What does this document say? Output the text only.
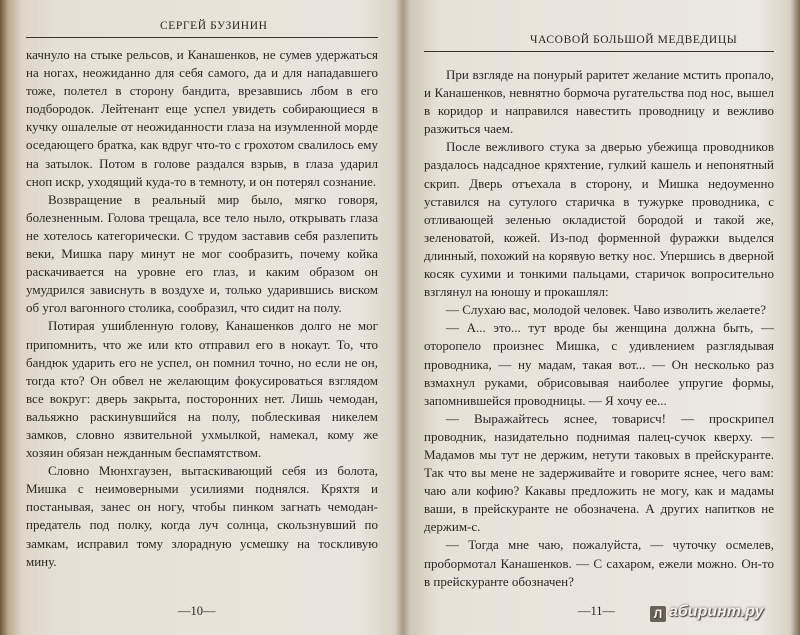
СЕРГЕЙ БУЗИНИН

качнуло на стыке рельсов, и Канашенков, не сумев удержаться на ногах, неожиданно для себя самого, да и для нападавшего тоже, полетел в сторону бандита, врезавшись лбом в его подбородок. Лейтенант еще успел увидеть собирающиеся в кучку ошалелые от неожиданности глаза на изумленной морде оседающего братка, как вдруг что-то с грохотом свалилось ему на затылок. Потом в голове раздался взрыв, в глаза ударил сноп искр, уходящий куда-то в темноту, и он потерял сознание.

Возвращение в реальный мир было, мягко говоря, болезненным. Голова трещала, все тело ныло, открывать глаза не хотелось категорически. С трудом заставив себя разлепить веки, Мишка пару минут не мог сообразить, почему койка раскачивается на уровне его глаз, и каким образом он умудрился зависнуть в воздухе и, только ударившись виском об угол вагонного столика, сообразил, что сидит на полу.

Потирая ушибленную голову, Канашенков долго не мог припомнить, что же или кто отправил его в нокаут. То, что бандюк ударить его не успел, он помнил точно, но если не он, тогда кто? Он обвел не желающим фокусироваться взглядом все вокруг: дверь закрыта, посторонних нет. Лишь чемодан, вальяжно раскинувшийся на полу, поблескивая никелем замков, словно язвительной ухмылкой, намекал, кому же хозяин обязан нежданным беспамятством.

Словно Мюнхгаузен, вытаскивающий себя из болота, Мишка с неимоверными усилиями поднялся. Кряхтя и постанывая, занес он ногу, чтобы пинком загнать чемодан-предатель под полку, когда луч солнца, скользнувший по замкам, исправил тому злорадную усмешку на тоскливую мину.

—10—
ЧАСОВОЙ БОЛЬШОЙ МЕДВЕДИЦЫ

При взгляде на понурый раритет желание мстить пропало, и Канашенков, невнятно бормоча ругательства под нос, вышел в коридор и направился навестить проводницу и вежливо разжиться чаем.

После вежливого стука за дверью убежища проводников раздалось надсадное кряхтение, гулкий кашель и непонятный скрип. Дверь отъехала в сторону, и Мишка недоуменно уставился на сутулого старичка в тужурке проводника, с отливающей зеленью окладистой бородой и такой же, зеленоватой, кожей. Из-под форменной фуражки выделся длинный, похожий на корявую ветку нос. Упершись в дверной косяк сухими и тонкими пальцами, старичок вопросительно взглянул на юношу и прокашлял:

— Слухаю вас, молодой человек. Чаво изволить желаете?

— А... это... тут вроде бы женщина должна быть, — оторопело произнес Мишка, с удивлением разглядывая проводника, — ну мадам, такая вот... — Он несколько раз взмахнул руками, обрисовывая наиболее упругие формы, запомнившейся проводницы. — Я хочу ее...

— Выражайтесь яснее, товарисч! — проскрипел проводник, назидательно поднимая палец-сучок кверху. — Мадамов мы тут не держим, нетути таковых в прейскуранте. Так что вы мене не задерживайте и говорите яснее, чего вам: чаю али кофию? Какавы предложить не могу, как и мадамы ваши, в прейскуранте не обозначена. А других напитков не держим-с.

— Тогда мне чаю, пожалуйста, — чуточку осмелев, пробормотал Канашенков. — С сахаром, ежели можно. Он-то в прейскуранте обозначен?

—11—	Л абиринт.ру
